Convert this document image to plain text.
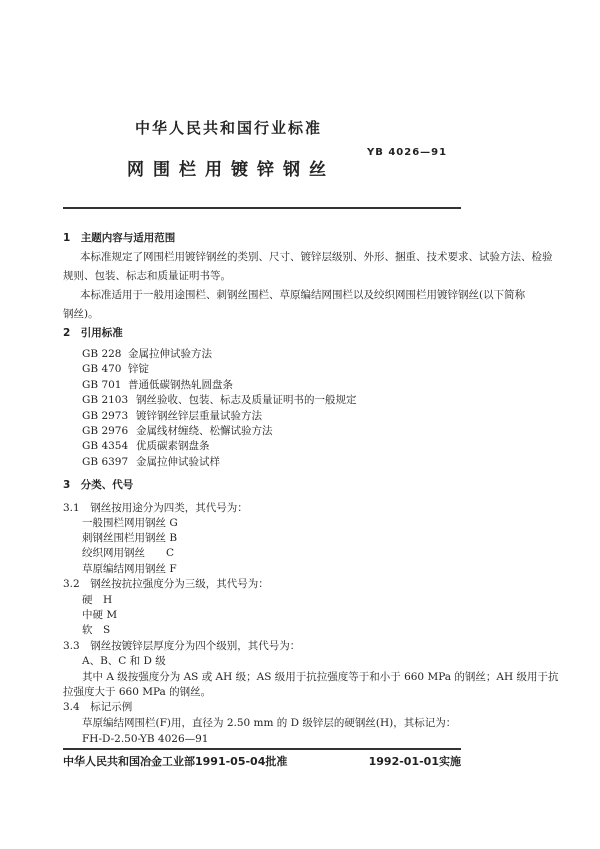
中华人民共和国行业标准
YB 4026—91
网围栏用镀锌钢丝
1　主题内容与适用范围
本标准规定了网围栏用镀锌钢丝的类别、尺寸、镀锌层级别、外形、捆重、技术要求、试验方法、检验
规则、包装、标志和质量证明书等。
本标准适用于一般用途围栏、刺钢丝围栏、草原编结网围栏以及绞织网围栏用镀锌钢丝(以下简称
钢丝)。
2　引用标准
GB 228 金属拉伸试验方法
GB 470 锌锭
GB 701 普通低碳钢热轧圆盘条
GB 2103 钢丝验收、包装、标志及质量证明书的一般规定
GB 2973 镀锌钢丝锌层重量试验方法
GB 2976 金属线材缠绕、松懈试验方法
GB 4354 优质碳素钢盘条
GB 6397 金属拉伸试验试样
3　分类、代号
3.1　钢丝按用途分为四类，其代号为：
一般围栏网用钢丝 G
刺钢丝围栏用钢丝 B
绞织网用钢丝　　C
草原编结网用钢丝 F
3.2　钢丝按抗拉强度分为三级，其代号为：
硬　H
中硬 M
软　S
3.3　钢丝按镀锌层厚度分为四个级别，其代号为：
A、B、C 和 D 级
其中 A 级按强度分为 AS 或 AH 级；AS 级用于抗拉强度等于和小于 660 MPa 的钢丝；AH 级用于抗
拉强度大于 660 MPa 的钢丝。
3.4　标记示例
草原编结网围栏(F)用，直径为 2.50 mm 的 D 级锌层的硬钢丝(H)，其标记为：
FH-D-2.50-YB 4026—91
中华人民共和国冶金工业部1991-05-04批准	1992-01-01实施
